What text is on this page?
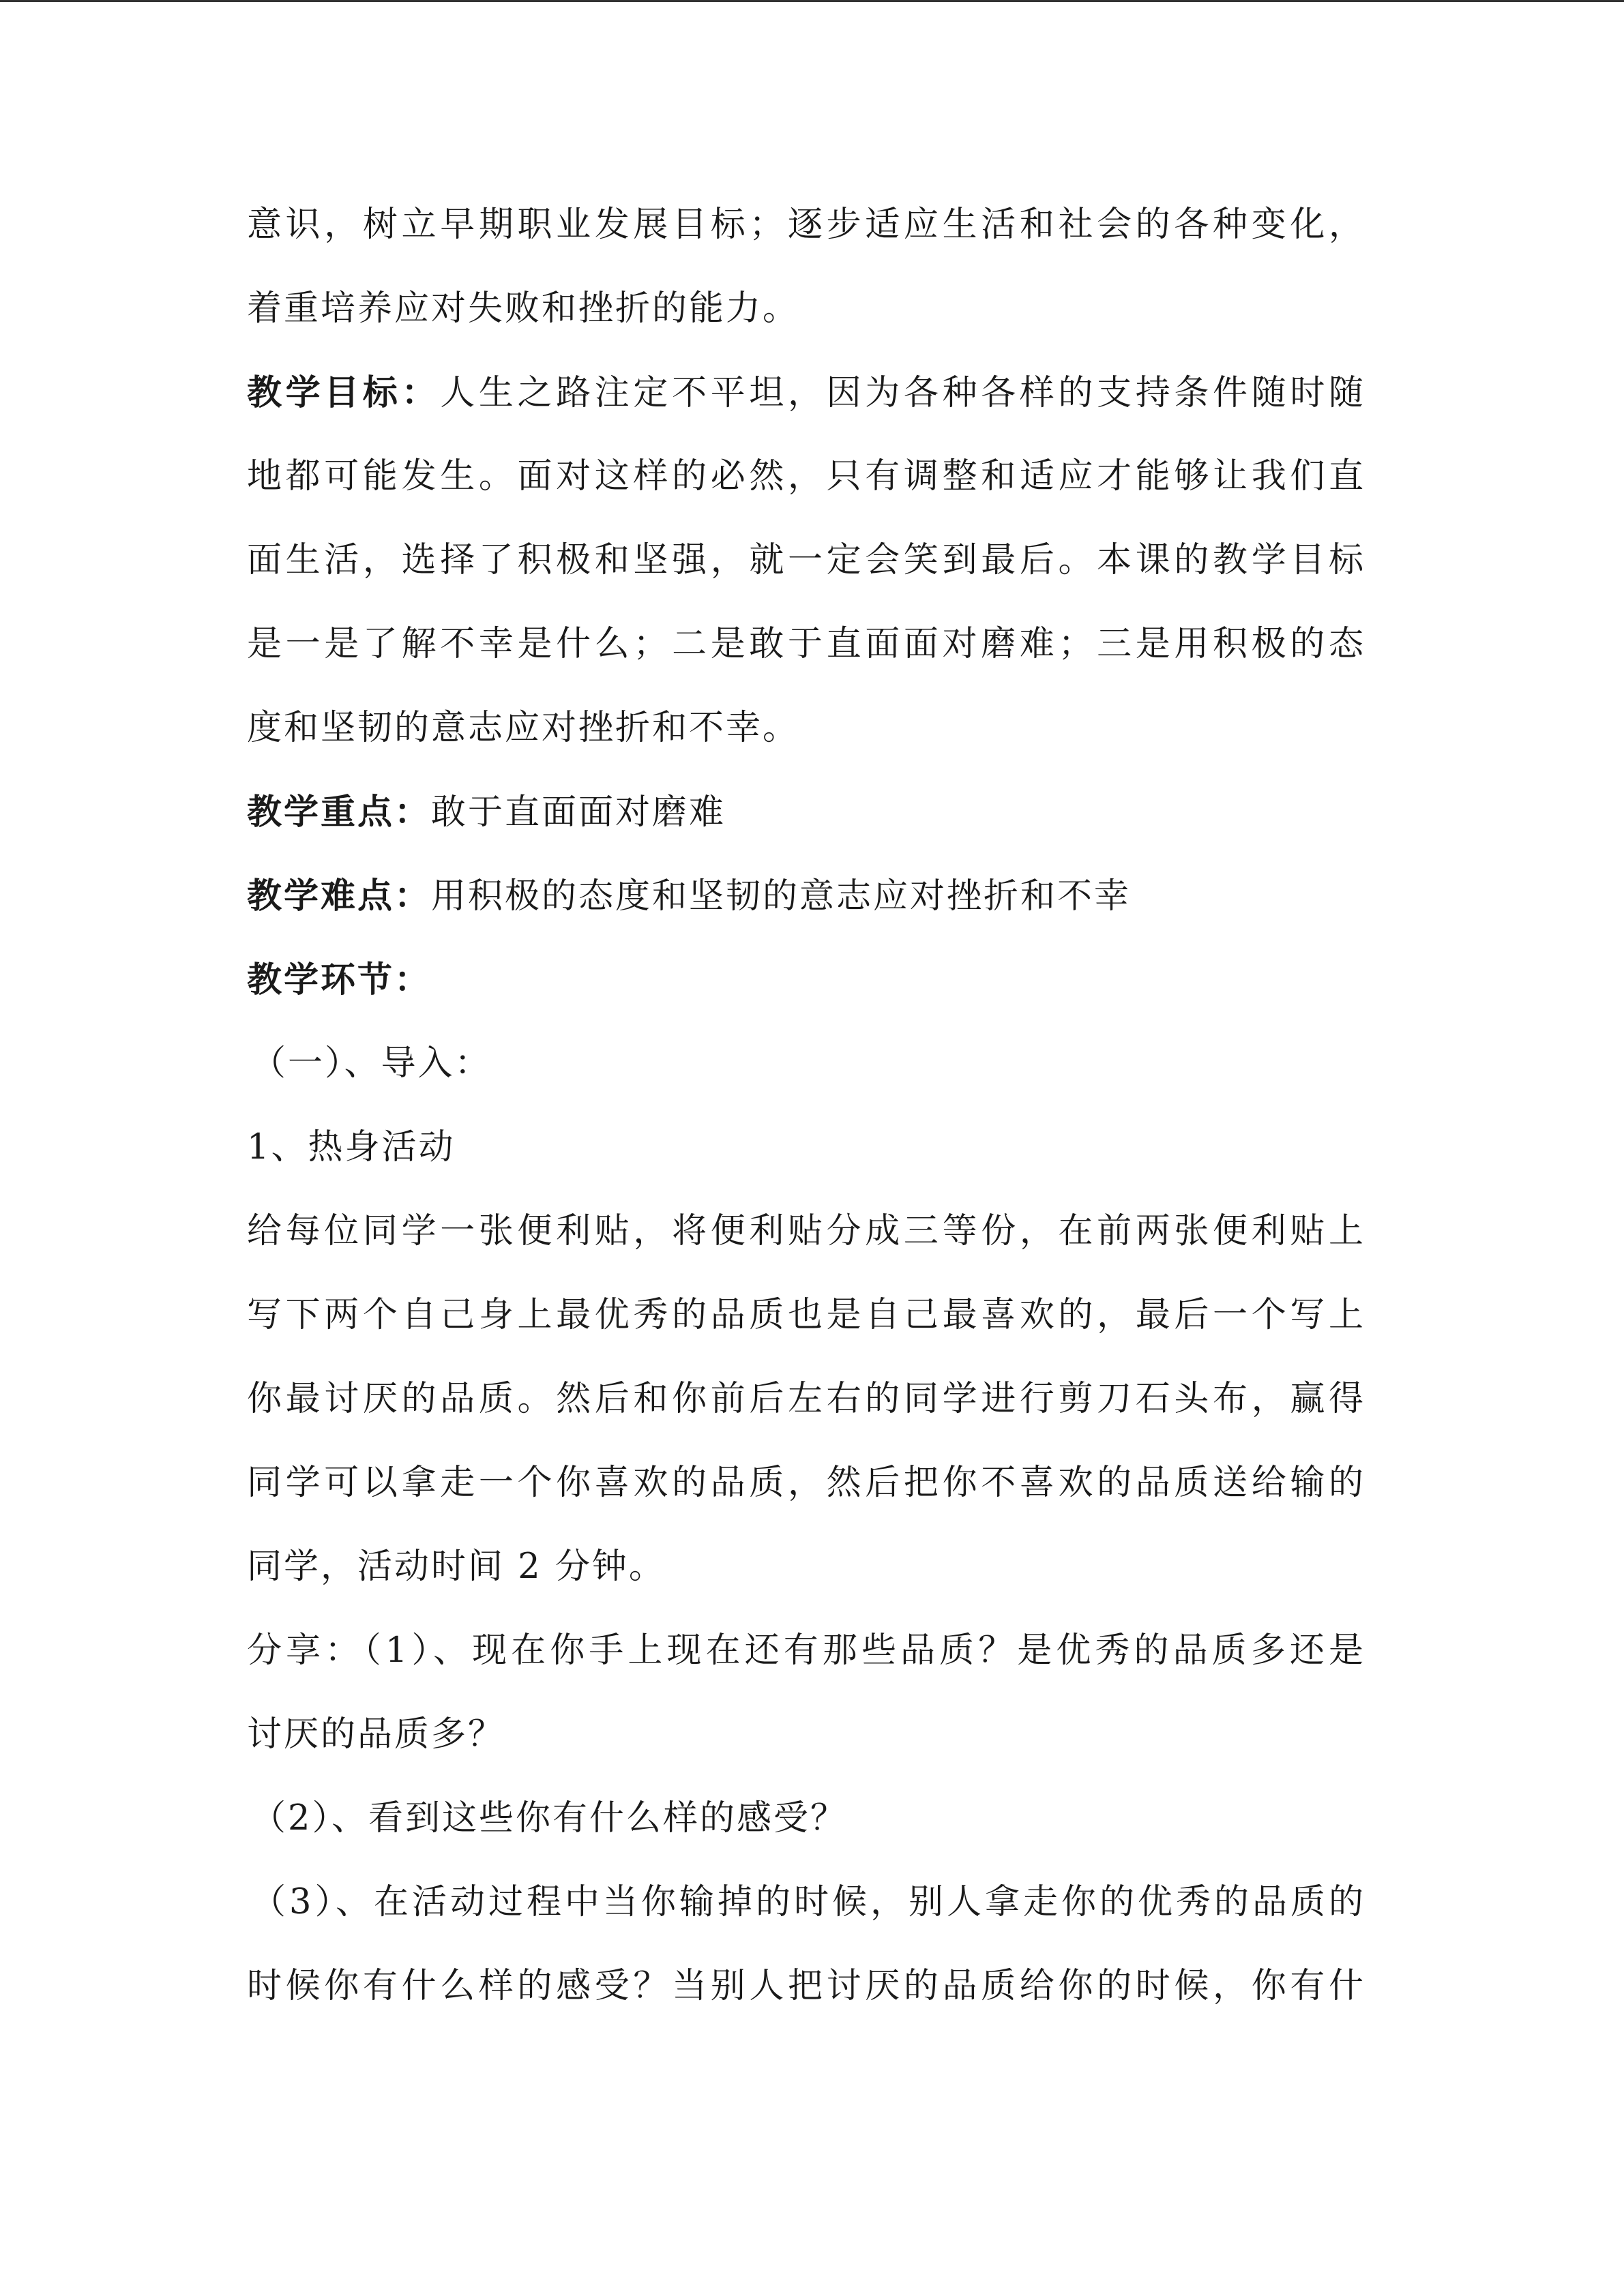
意识，树立早期职业发展目标；逐步适应生活和社会的各种变化，
着重培养应对失败和挫折的能力。
教学目标：人生之路注定不平坦，因为各种各样的支持条件随时随
地都可能发生。面对这样的必然，只有调整和适应才能够让我们直
面生活，选择了积极和坚强，就一定会笑到最后。本课的教学目标
是一是了解不幸是什么；二是敢于直面面对磨难；三是用积极的态
度和坚韧的意志应对挫折和不幸。
教学重点：敢于直面面对磨难
教学难点：用积极的态度和坚韧的意志应对挫折和不幸
教学环节：
（一）、导入：
1、热身活动
给每位同学一张便利贴，将便利贴分成三等份，在前两张便利贴上
写下两个自己身上最优秀的品质也是自己最喜欢的，最后一个写上
你最讨厌的品质。然后和你前后左右的同学进行剪刀石头布，赢得
同学可以拿走一个你喜欢的品质，然后把你不喜欢的品质送给输的
同学，活动时间 2 分钟。
分享：（1）、现在你手上现在还有那些品质？是优秀的品质多还是
讨厌的品质多？
（2）、看到这些你有什么样的感受？
（3）、在活动过程中当你输掉的时候，别人拿走你的优秀的品质的
时候你有什么样的感受？当别人把讨厌的品质给你的时候，你有什
